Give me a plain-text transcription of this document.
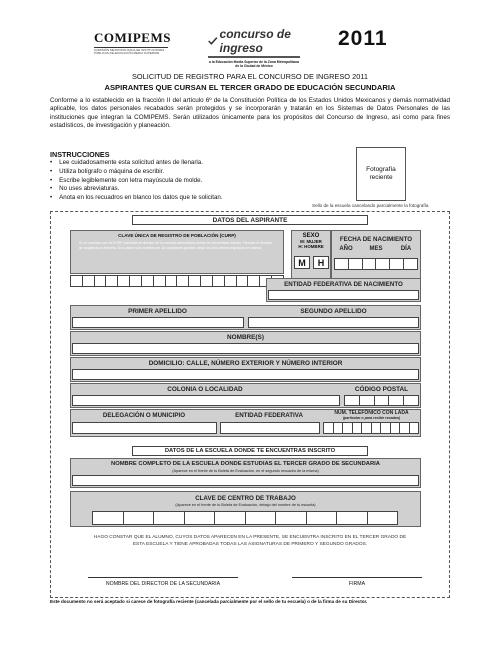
COMIPEMS
COMISIÓN METROPOLITANA DE INSTITUCIONES PÚBLICAS DE EDUCACIÓN MEDIA SUPERIOR
concurso de ingreso
a la Educación Media Superior de la Zona Metropolitana de la Ciudad de México
2011
SOLICITUD DE REGISTRO PARA EL CONCURSO DE INGRESO 2011
ASPIRANTES QUE CURSAN EL TERCER GRADO DE EDUCACIÓN SECUNDARIA
Conforme a lo establecido en la fracción II del artículo 6º de la Constitución Política de los Estados Unidos Mexicanos y demás normatividad aplicable, los datos personales recabados serán protegidos y se incorporarán y tratarán en los Sistemas de Datos Personales de las instituciones que integran la COMIPEMS. Serán utilizados únicamente para los propósitos del Concurso de Ingreso, así como para fines estadísticos, de investigación y planeación.
INSTRUCCIONES
• Lee cuidadosamente esta solicitud antes de llenarla.
• Utiliza bolígrafo o máquina de escribir.
• Escribe legiblemente con letra mayúscula de molde.
• No uses abreviaturas.
• Anota en los recuadros en blanco los datos que te solicitan.
Fotografía
reciente
Sello de la escuela cancelando parcialmente la fotografía
DATOS DEL ASPIRANTE
CLAVE ÚNICA DE REGISTRO DE POBLACIÓN (CURP)
Sí no cuentas con la CURP solicítala al director de la escuela secundaria donde te encuentras inscrito. Realiza el llenado de izquierda a derecha. Si tu clave sólo cuenta con 16 caracteres puedes dejar los dos últimos espacios en blanco.
SEXO
M: MUJER
H: HOMBRE
M	H
FECHA DE NACIMIENTO
AÑO	MES	DÍA
ENTIDAD FEDERATIVA DE NACIMIENTO
PRIMER APELLIDO	SEGUNDO APELLIDO
NOMBRE(S)
DOMICILIO: CALLE, NÚMERO EXTERIOR Y NÚMERO INTERIOR
COLONIA O LOCALIDAD	CÓDIGO POSTAL
DELEGACIÓN O MUNICIPIO	ENTIDAD FEDERATIVA	NÚM. TELEFÓNICO CON LADA
(particular o para recibir recados)
DATOS DE LA ESCUELA DONDE TE ENCUENTRAS INSCRITO
NOMBRE COMPLETO DE LA ESCUELA DONDE ESTUDIAS EL TERCER GRADO DE SECUNDARIA
(Aparece en el frente de tu Boleta de Evaluación, en el segundo recuadro de la misma)
CLAVE DE CENTRO DE TRABAJO
(Aparece en el frente de tu Boleta de Evaluación, debajo del nombre de tu escuela)
HAGO CONSTAR QUE EL ALUMNO, CUYOS DATOS APARECEN EN LA PRESENTE, SE ENCUENTRA INSCRITO EN EL TERCER GRADO DE ESTA ESCUELA Y TIENE APROBADAS TODAS LAS ASIGNATURAS DE PRIMERO Y SEGUNDO GRADOS.
NOMBRE DEL DIRECTOR DE LA SECUNDARIA	FIRMA
Este documento no será aceptado si carece de fotografía reciente (cancelada parcialmente por el sello de tu escuela) o de la firma de su Director.
